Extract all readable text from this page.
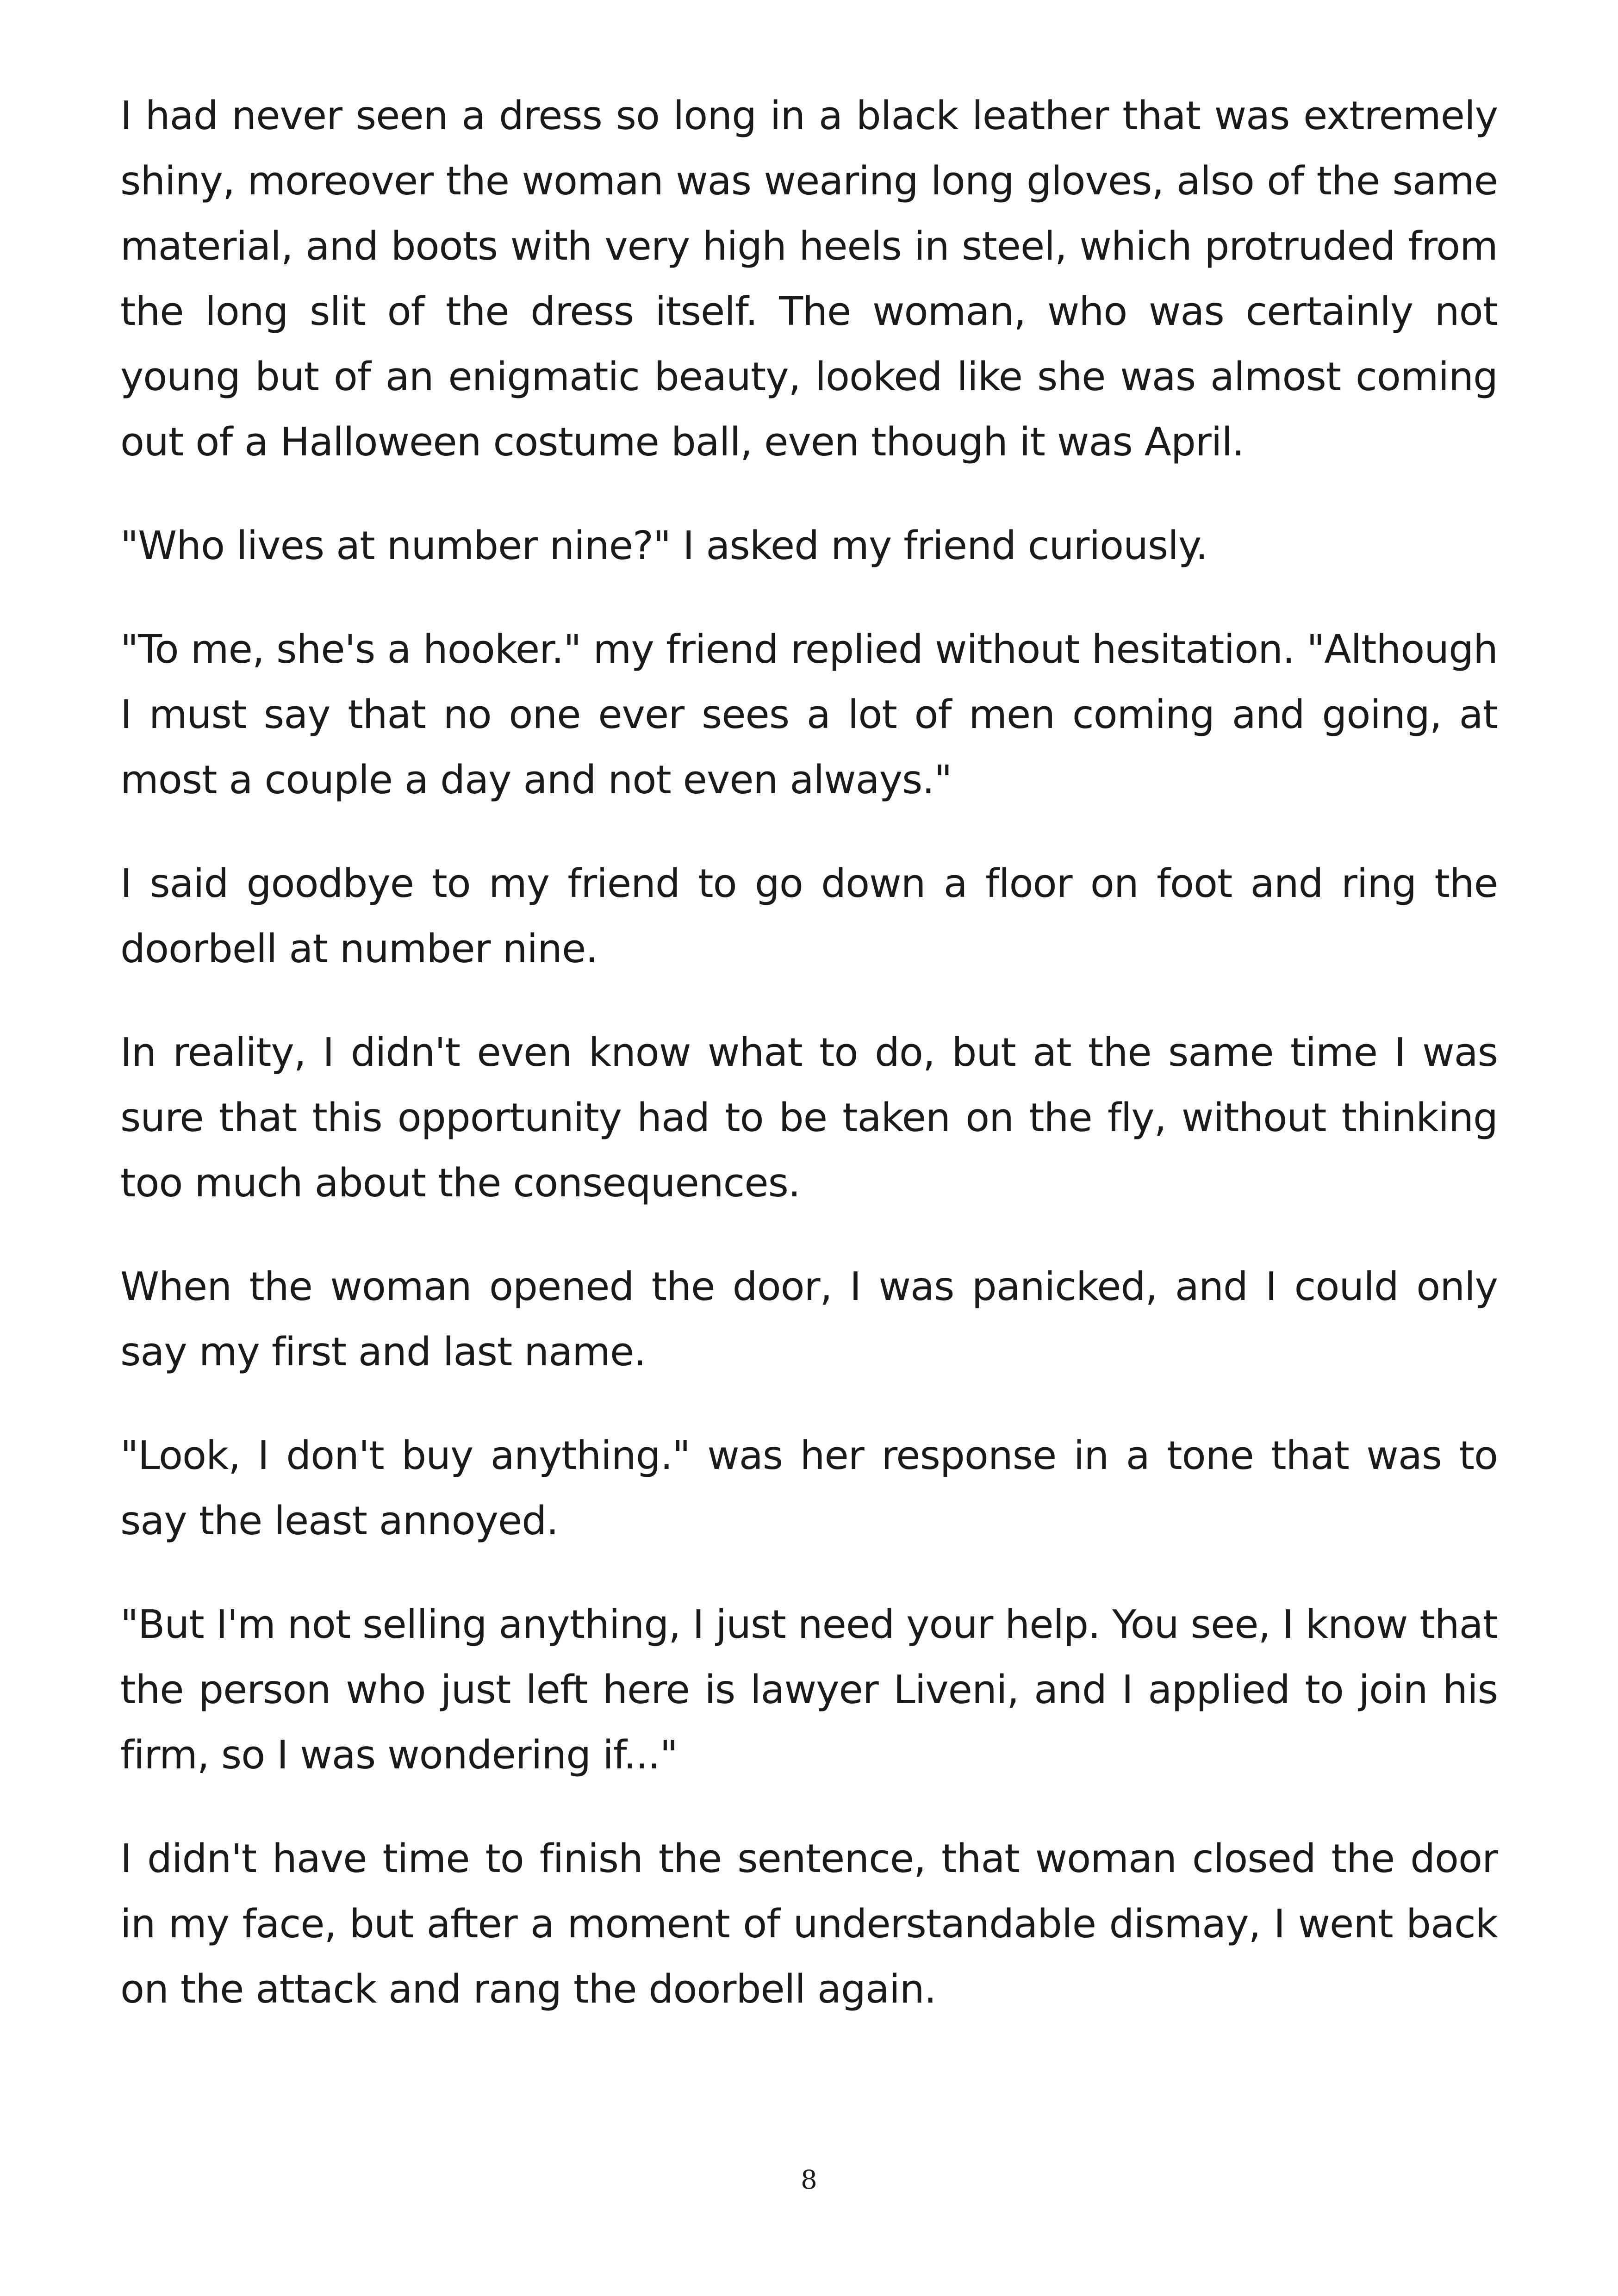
I had never seen a dress so long in a black leather that was extremely shiny, moreover the woman was wearing long gloves, also of the same material, and boots with very high heels in steel, which protruded from the long slit of the dress itself. The woman, who was certainly not young but of an enigmatic beauty, looked like she was almost coming out of a Halloween costume ball, even though it was April.

"Who lives at number nine?" I asked my friend curiously.

"To me, she's a hooker." my friend replied without hesitation. "Although I must say that no one ever sees a lot of men coming and going, at most a couple a day and not even always."

I said goodbye to my friend to go down a floor on foot and ring the doorbell at number nine.

In reality, I didn't even know what to do, but at the same time I was sure that this opportunity had to be taken on the fly, without thinking too much about the consequences.

When the woman opened the door, I was panicked, and I could only say my first and last name.

"Look, I don't buy anything." was her response in a tone that was to say the least annoyed.

"But I'm not selling anything, I just need your help. You see, I know that the person who just left here is lawyer Liveni, and I applied to join his firm, so I was wondering if..."

I didn't have time to finish the sentence, that woman closed the door in my face, but after a moment of understandable dismay, I went back on the attack and rang the doorbell again.

8
